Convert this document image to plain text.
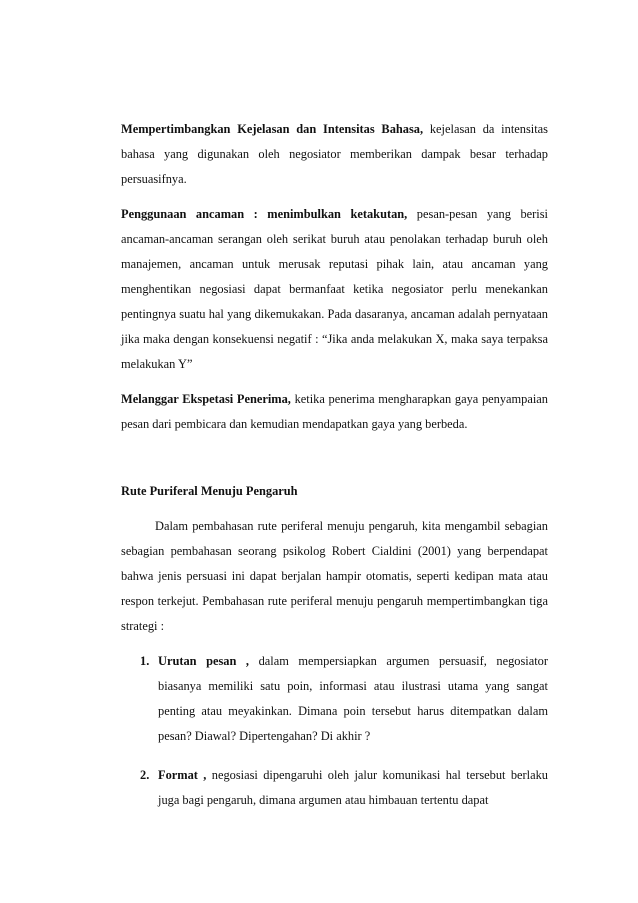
Mempertimbangkan Kejelasan dan Intensitas Bahasa, kejelasan da intensitas bahasa yang digunakan oleh negosiator memberikan dampak besar terhadap persuasifnya.

Penggunaan ancaman : menimbulkan ketakutan, pesan-pesan yang berisi ancaman-ancaman serangan oleh serikat buruh atau penolakan terhadap buruh oleh manajemen, ancaman untuk merusak reputasi pihak lain, atau ancaman yang menghentikan negosiasi dapat bermanfaat ketika negosiator perlu menekankan pentingnya suatu hal yang dikemukakan. Pada dasaranya, ancaman adalah pernyataan jika maka dengan konsekuensi negatif : “Jika anda melakukan X, maka saya terpaksa melakukan Y”

Melanggar Ekspetasi Penerima, ketika penerima mengharapkan gaya penyampaian pesan dari pembicara dan kemudian mendapatkan gaya yang berbeda.

Rute Puriferal Menuju Pengaruh

Dalam pembahasan rute periferal menuju pengaruh, kita mengambil sebagian sebagian pembahasan seorang psikolog Robert Cialdini (2001) yang berpendapat bahwa jenis persuasi ini dapat berjalan hampir otomatis, seperti kedipan mata atau respon terkejut. Pembahasan rute periferal menuju pengaruh mempertimbangkan tiga strategi :

1. Urutan pesan , dalam mempersiapkan argumen persuasif, negosiator biasanya memiliki satu poin, informasi atau ilustrasi utama yang sangat penting atau meyakinkan. Dimana poin tersebut harus ditempatkan dalam pesan? Diawal? Dipertengahan? Di akhir ?

2. Format , negosiasi dipengaruhi oleh jalur komunikasi hal tersebut berlaku juga bagi pengaruh, dimana argumen atau himbauan tertentu dapat
